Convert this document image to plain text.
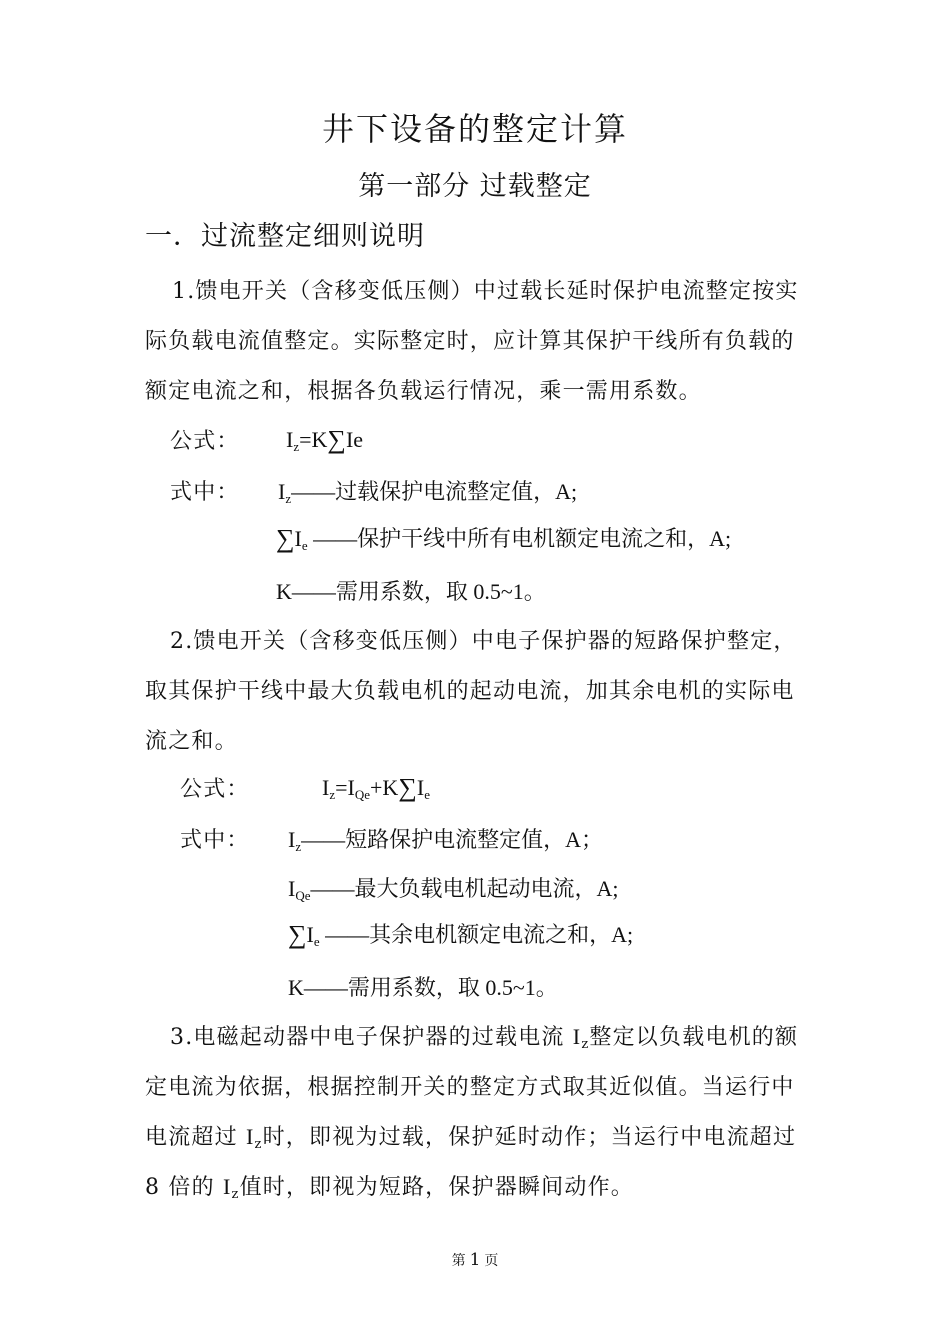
井下设备的整定计算
第一部分 过载整定
一．过流整定细则说明
1.馈电开关（含移变低压侧）中过载长延时保护电流整定按实
际负载电流值整定。实际整定时，应计算其保护干线所有负载的
额定电流之和，根据各负载运行情况，乘一需用系数。
公式： $I_z=K\sum Ie$
式中： $I_z——$过载保护电流整定值，A;
$\sum I_e$ ——保护干线中所有电机额定电流之和，A;
K——需用系数，取 0.5~1。
2.馈电开关（含移变低压侧）中电子保护器的短路保护整定，
取其保护干线中最大负载电机的起动电流，加其余电机的实际电
流之和。
公式：	$I_z=I_{Qe}+K\sum I_e$
式中： $I_z——$短路保护电流整定值，A；
$I_{Qe}——$最大负载电机起动电流，A;
$\sum I_e$ ——其余电机额定电流之和，A;
K——需用系数，取 0.5~1。
3.电磁起动器中电子保护器的过载电流 $I_z$整定以负载电机的额
定电流为依据，根据控制开关的整定方式取其近似值。当运行中
电流超过 $I_z$时，即视为过载，保护延时动作；当运行中电流超过
8 倍的 $I_z$值时，即视为短路，保护器瞬间动作。
第 1 页
